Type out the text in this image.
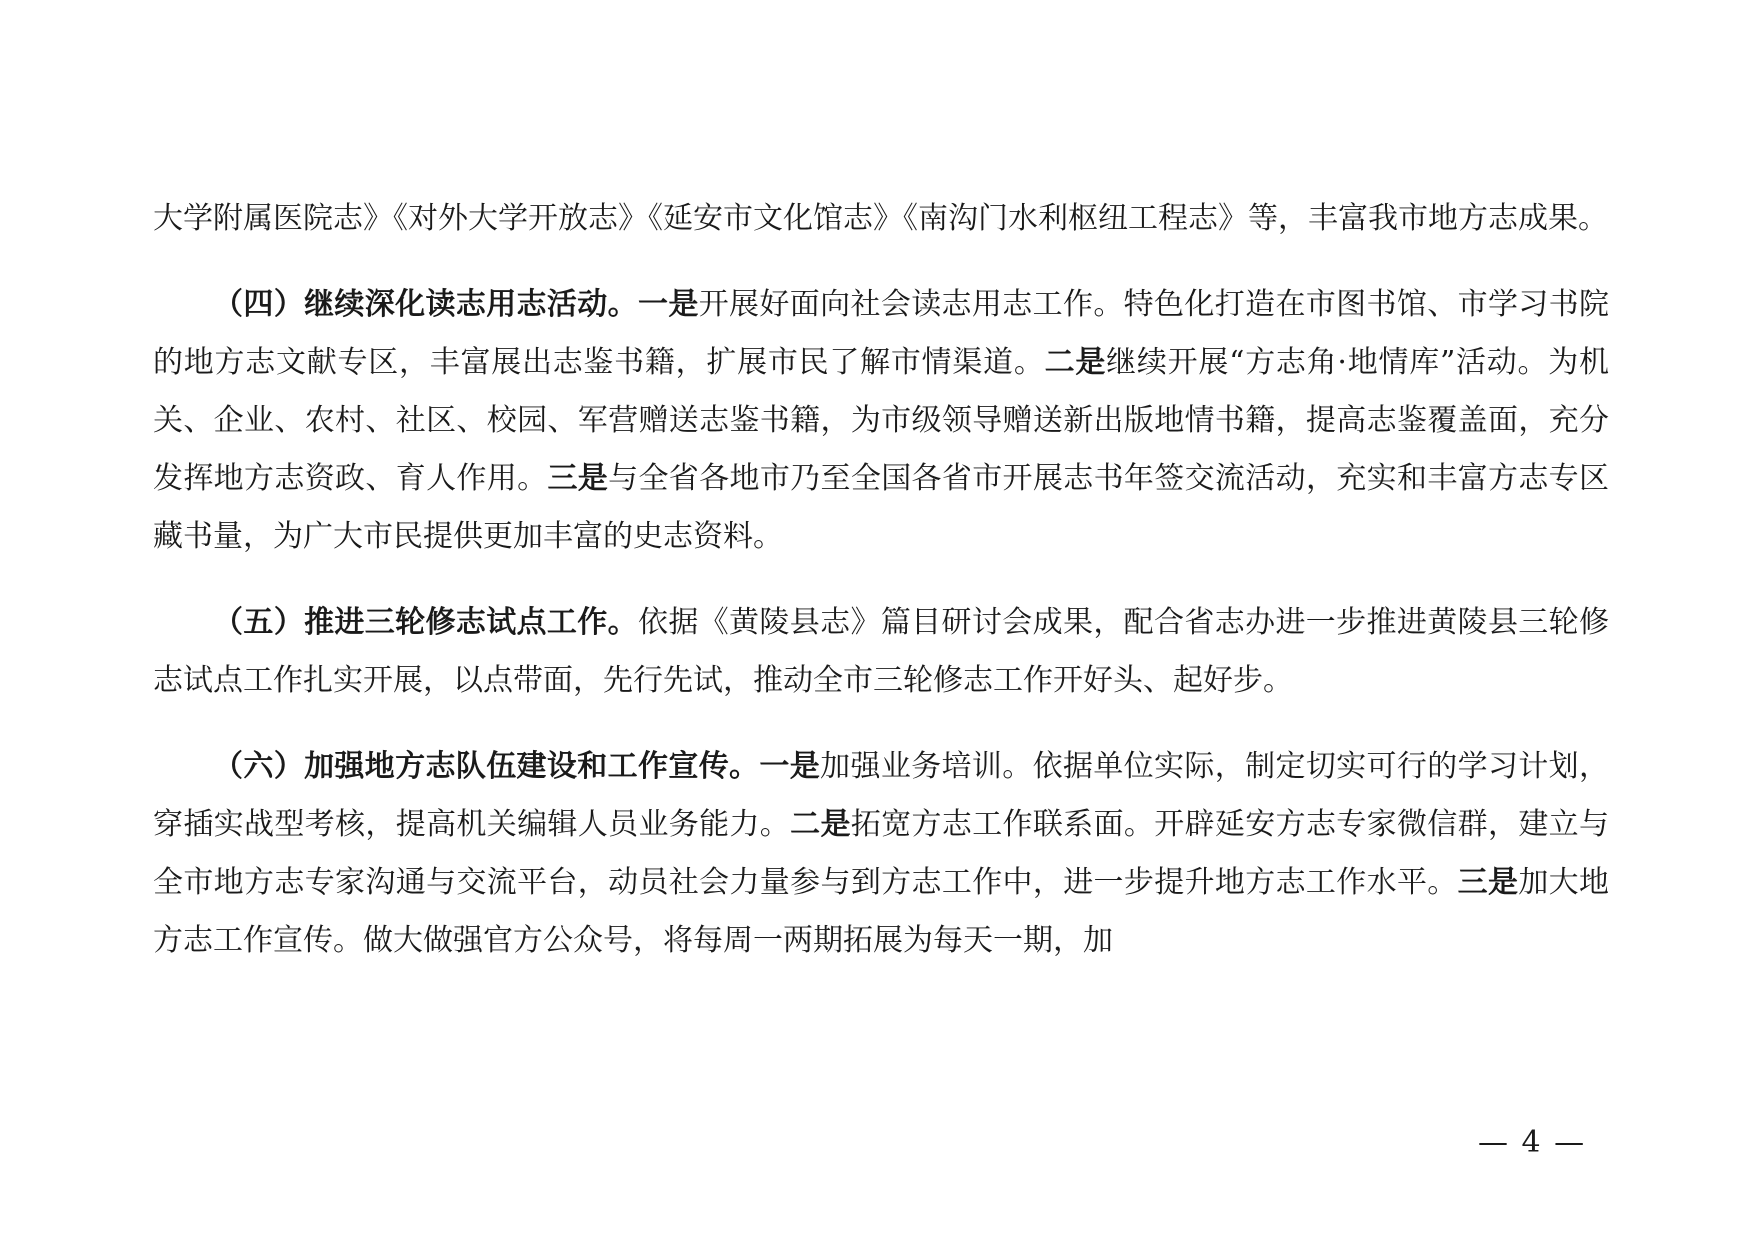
大学附属医院志》《对外大学开放志》《延安市文化馆志》《南沟门水利枢纽工程志》等，丰富我市地方志成果。

（四）继续深化读志用志活动。一是开展好面向社会读志用志工作。特色化打造在市图书馆、市学习书院的地方志文献专区，丰富展出志鉴书籍，扩展市民了解市情渠道。二是继续开展“方志角·地情库”活动。为机关、企业、农村、社区、校园、军营赠送志鉴书籍，为市级领导赠送新出版地情书籍，提高志鉴覆盖面，充分发挥地方志资政、育人作用。三是与全省各地市乃至全国各省市开展志书年签交流活动，充实和丰富方志专区藏书量，为广大市民提供更加丰富的史志资料。

（五）推进三轮修志试点工作。依据《黄陵县志》篇目研讨会成果，配合省志办进一步推进黄陵县三轮修志试点工作扎实开展，以点带面，先行先试，推动全市三轮修志工作开好头、起好步。

（六）加强地方志队伍建设和工作宣传。一是加强业务培训。依据单位实际，制定切实可行的学习计划，穿插实战型考核，提高机关编辑人员业务能力。二是拓宽方志工作联系面。开辟延安方志专家微信群，建立与全市地方志专家沟通与交流平台，动员社会力量参与到方志工作中，进一步提升地方志工作水平。三是加大地方志工作宣传。做大做强官方公众号，将每周一两期拓展为每天一期，加

— 4 —
